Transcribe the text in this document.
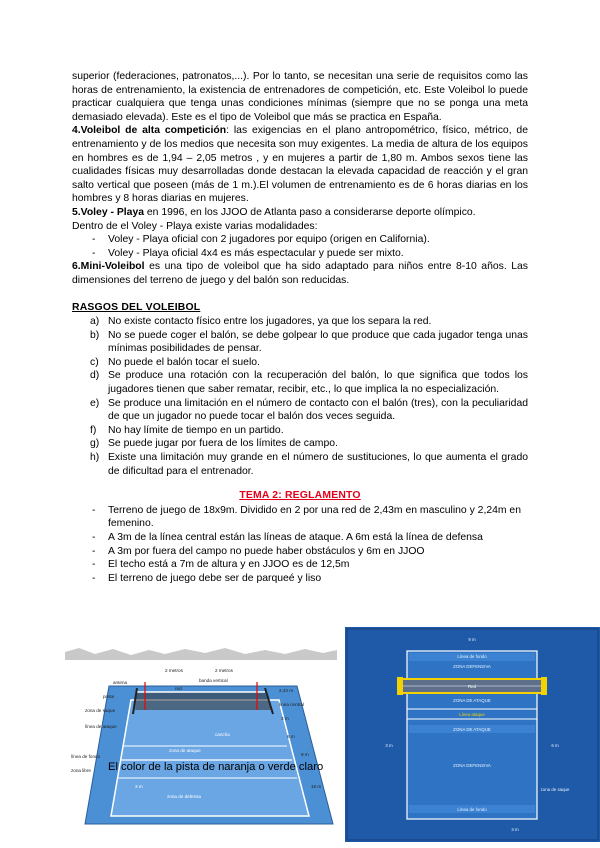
superior (federaciones, patronatos,...). Por lo tanto, se necesitan una serie de requisitos como las horas de entrenamiento, la existencia de entrenadores de competición, etc. Este Voleibol lo puede practicar cualquiera que tenga unas condiciones mínimas (siempre que no se ponga una meta demasiado elevada). Este es el tipo de Voleibol que más se practica en España.

4.Voleibol de alta competición: las exigencias en el plano antropométrico, físico, métrico, de entrenamiento y de los medios que necesita son muy exigentes. La media de altura de los equipos en hombres es de 1,94 – 2,05 metros , y en mujeres a partir de 1,80 m. Ambos sexos tiene las cualidades físicas muy desarrolladas donde destacan la elevada capacidad de reacción y el gran salto vertical que poseen (más de 1 m.).El volumen de entrenamiento es de 6 horas diarias en los hombres y 8 horas diarias en mujeres.

5.Voley - Playa en 1996, en los JJOO de Atlanta paso a considerarse deporte olímpico.

Dentro de el Voley - Playa existe varias modalidades:

- Voley - Playa oficial con 2 jugadores por equipo (origen en California).
- Voley - Playa oficial 4x4 es más espectacular y puede ser mixto.

6.Mini-Voleibol es una tipo de voleibol que ha sido adaptado para niños entre 8-10 años. Las dimensiones del terreno de juego y del balón son reducidas.

RASGOS DEL VOLEIBOL
a) No existe contacto físico entre los jugadores, ya que los separa la red.
b) No se puede coger el balón, se debe golpear lo que produce que cada jugador tenga unas mínimas posibilidades de pensar.
c) No puede el balón tocar el suelo.
d) Se produce una rotación con la recuperación del balón, lo que significa que todos los jugadores tienen que saber rematar, recibir, etc., lo que implica la no especialización.
e) Se produce una limitación en el número de contacto con el balón (tres), con la peculiaridad de que un jugador no puede tocar el balón dos veces seguida.
f) No hay límite de tiempo en un partido.
g) Se puede jugar por fuera de los límites de campo.
h) Existe una limitación muy grande en el número de sustituciones, lo que aumenta el grado de dificultad para el entrenador.
TEMA 2: REGLAMENTO
- Terreno de juego de 18x9m. Dividido en 2 por una red de 2,43m en masculino y 2,24m en femenino.
- A 3m de la línea central están las líneas de ataque. A 6m está la línea de defensa
- A 3m por fuera del campo no puede haber obstáculos y 6m en JJOO
- El techo está a 7m de altura y en JJOO es de 12,5m
- El terreno de juego debe ser de parqueé y liso
2 metros	2 metros
antena
poste
zona de saque
línea de ataque
línea de fondo
zona libre
red
banda vertical
2,43 m
zona de ataque
zona de defensa
cancha
línea central
3 m
6 m
9 m
18 m
3 m
El color de la pista de naranja o verde claro
9 m
Línea de fondo
ZONA DEFENSIVA
Red
ZONA DE ATAQUE
Línea ataque
ZONA DE ATAQUE
ZONA DEFENSIVA
Línea de fondo
zona de saque
3 m	6 m
3 m
